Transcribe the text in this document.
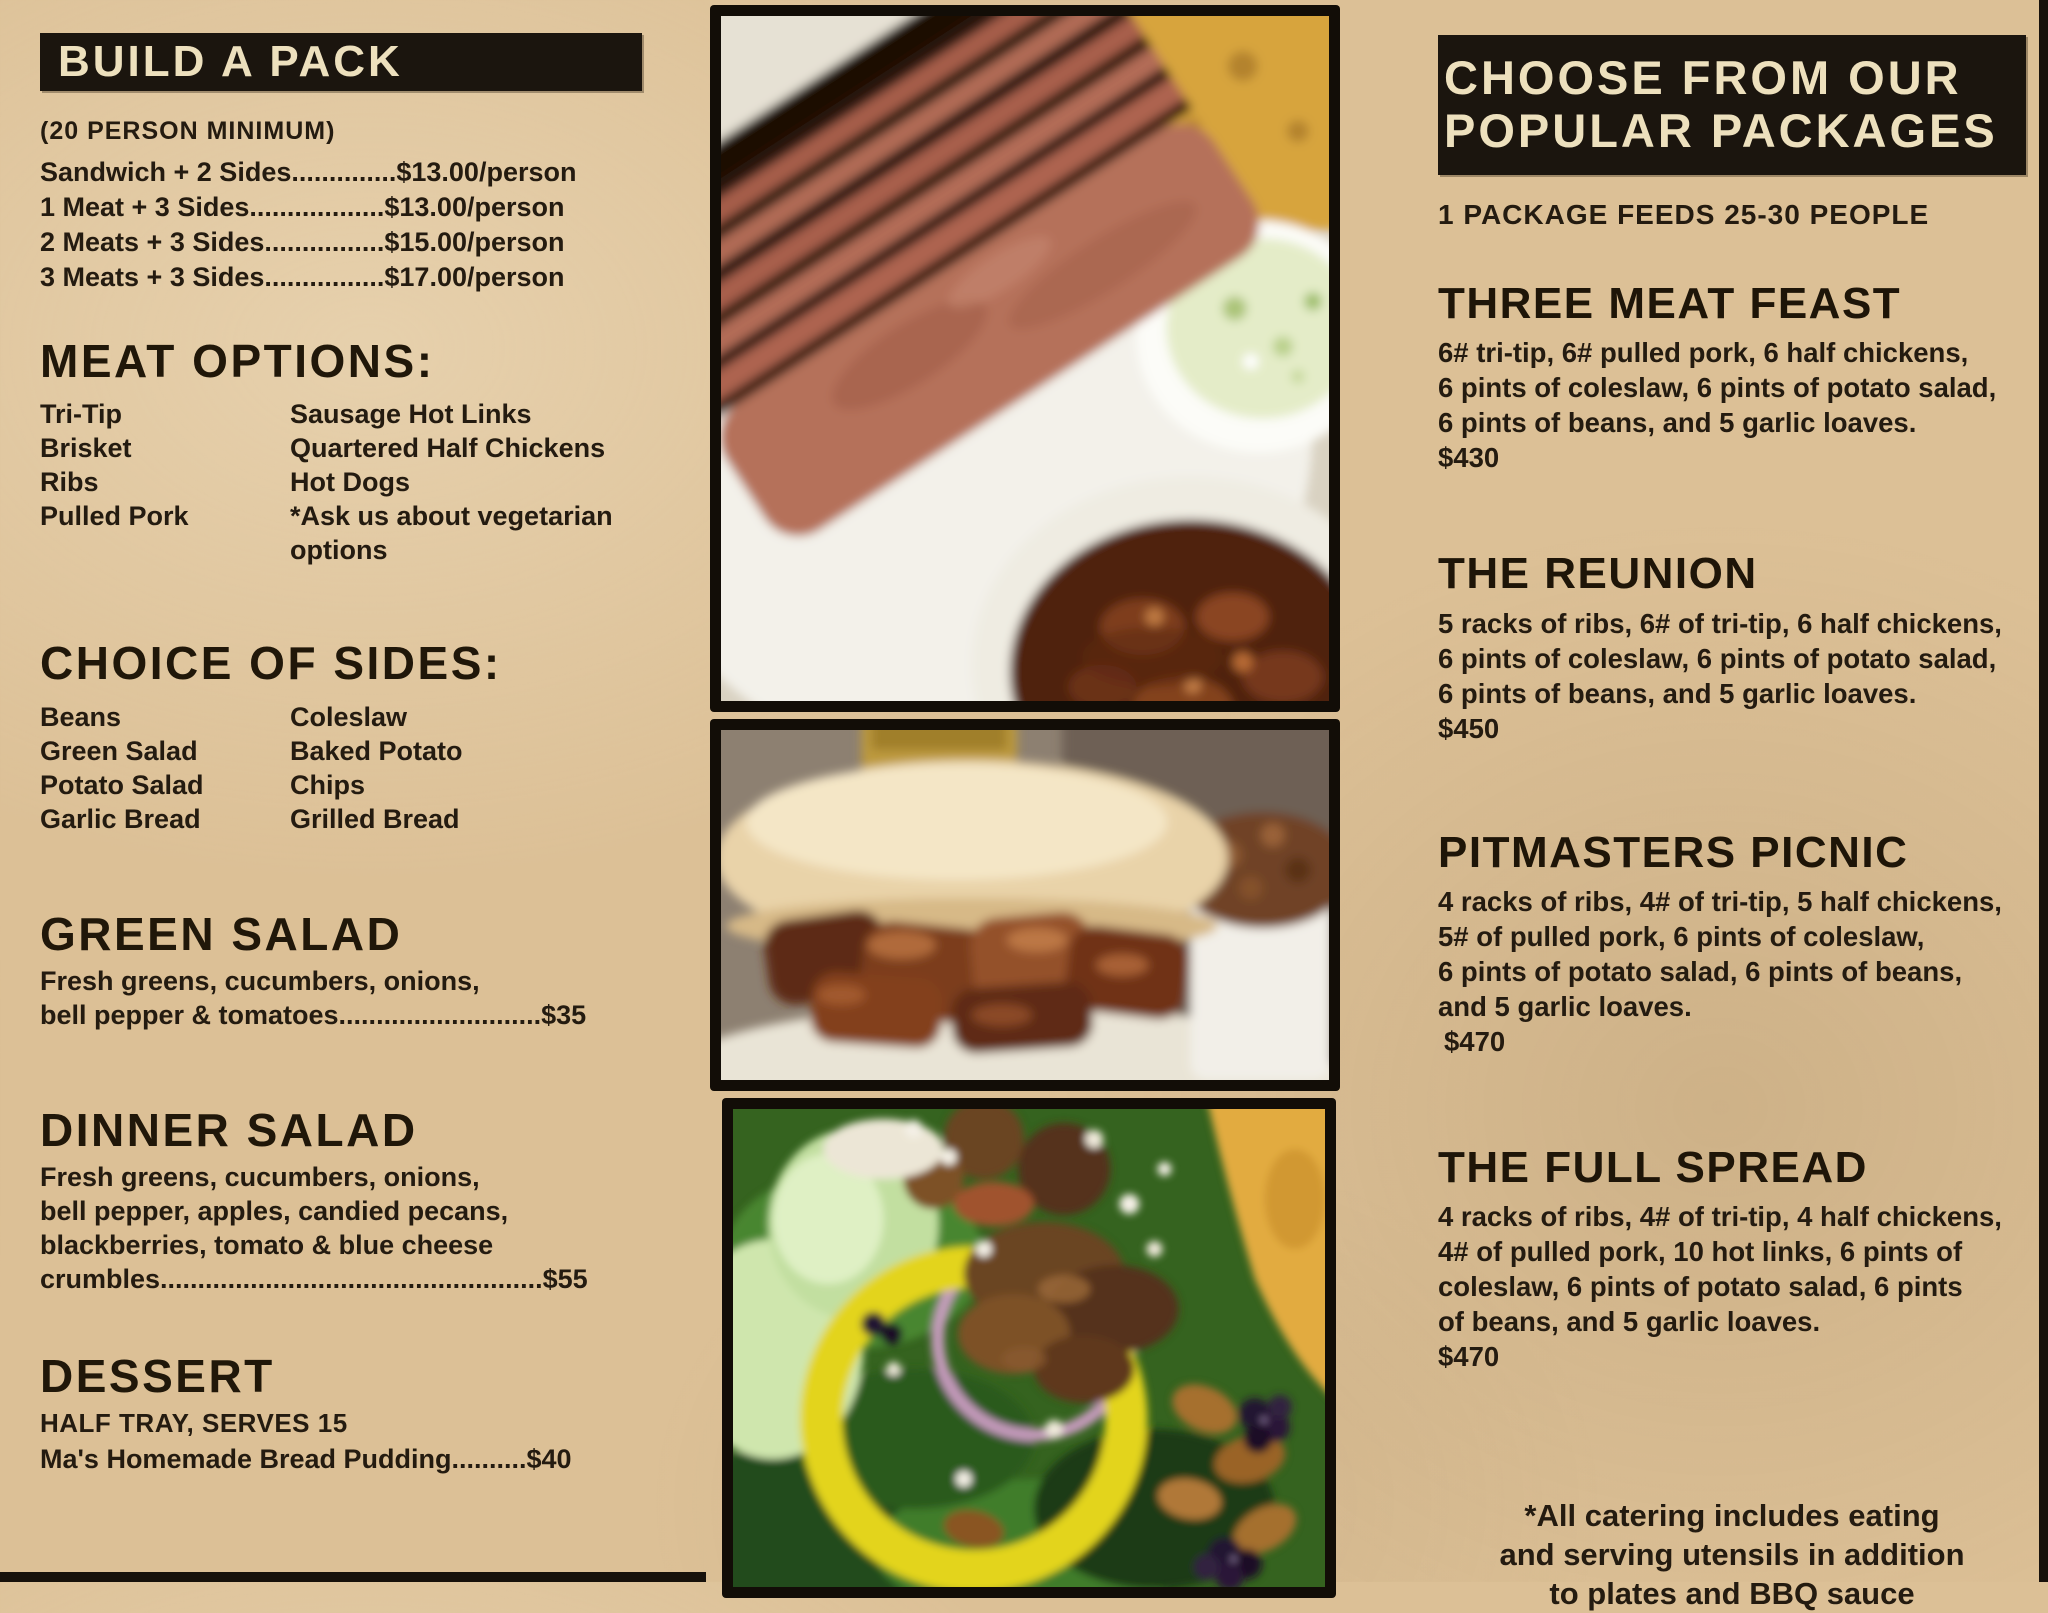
BUILD A PACK
(20 PERSON MINIMUM)
Sandwich + 2 Sides..............$13.00/person
1 Meat + 3 Sides..................$13.00/person
2 Meats + 3 Sides................$15.00/person
3 Meats + 3 Sides................$17.00/person
MEAT OPTIONS:
Tri-Tip	Sausage Hot Links
Brisket	Quartered Half Chickens
Ribs	Hot Dogs
Pulled Pork	*Ask us about vegetarian options
CHOICE OF SIDES:
Beans	Coleslaw
Green Salad	Baked Potato
Potato Salad	Chips
Garlic Bread	Grilled Bread
GREEN SALAD
Fresh greens, cucumbers, onions,
bell pepper & tomatoes...........................$35
DINNER SALAD
Fresh greens, cucumbers, onions,
bell pepper, apples, candied pecans,
blackberries, tomato & blue cheese
crumbles...................................................$55
DESSERT
HALF TRAY, SERVES 15
Ma's Homemade Bread Pudding..........$40
CHOOSE FROM OUR
POPULAR PACKAGES
1 PACKAGE FEEDS 25-30 PEOPLE
THREE MEAT FEAST
6# tri-tip, 6# pulled pork, 6 half chickens,
6 pints of coleslaw, 6 pints of potato salad,
6 pints of beans, and 5 garlic loaves.
$430
THE REUNION
5 racks of ribs, 6# of tri-tip, 6 half chickens,
6 pints of coleslaw, 6 pints of potato salad,
6 pints of beans, and 5 garlic loaves.
$450
PITMASTERS PICNIC
4 racks of ribs, 4# of tri-tip, 5 half chickens,
5# of pulled pork, 6 pints of coleslaw,
6 pints of potato salad, 6 pints of beans,
and 5 garlic loaves.
$470
THE FULL SPREAD
4 racks of ribs, 4# of tri-tip, 4 half chickens,
4# of pulled pork, 10 hot links, 6 pints of
coleslaw, 6 pints of potato salad, 6 pints
of beans, and 5 garlic loaves.
$470
*All catering includes eating
and serving utensils in addition
to plates and BBQ sauce
